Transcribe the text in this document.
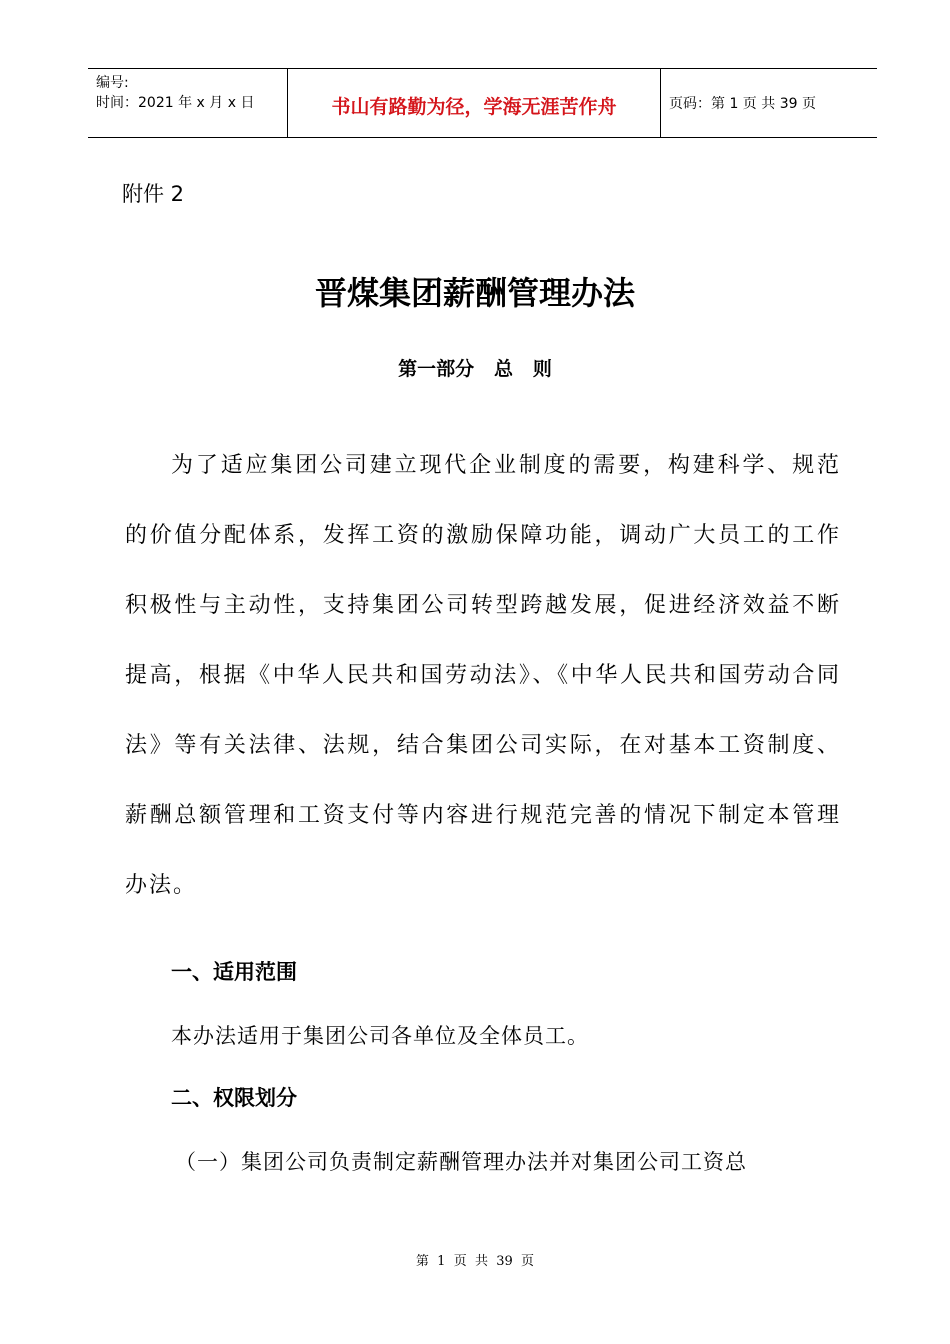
编号:
时间：2021 年 x 月 x 日	书山有路勤为径，学海无涯苦作舟	页码：第 1 页 共 39 页
附件 2
晋煤集团薪酬管理办法
第一部分   总   则
为了适应集团公司建立现代企业制度的需要，构建科学、规范的价值分配体系，发挥工资的激励保障功能，调动广大员工的工作积极性与主动性，支持集团公司转型跨越发展，促进经济效益不断提高，根据《中华人民共和国劳动法》、《中华人民共和国劳动合同法》等有关法律、法规，结合集团公司实际，在对基本工资制度、薪酬总额管理和工资支付等内容进行规范完善的情况下制定本管理办法。
一、适用范围
本办法适用于集团公司各单位及全体员工。
二、权限划分
（一）集团公司负责制定薪酬管理办法并对集团公司工资总
第  1  页  共  39  页
